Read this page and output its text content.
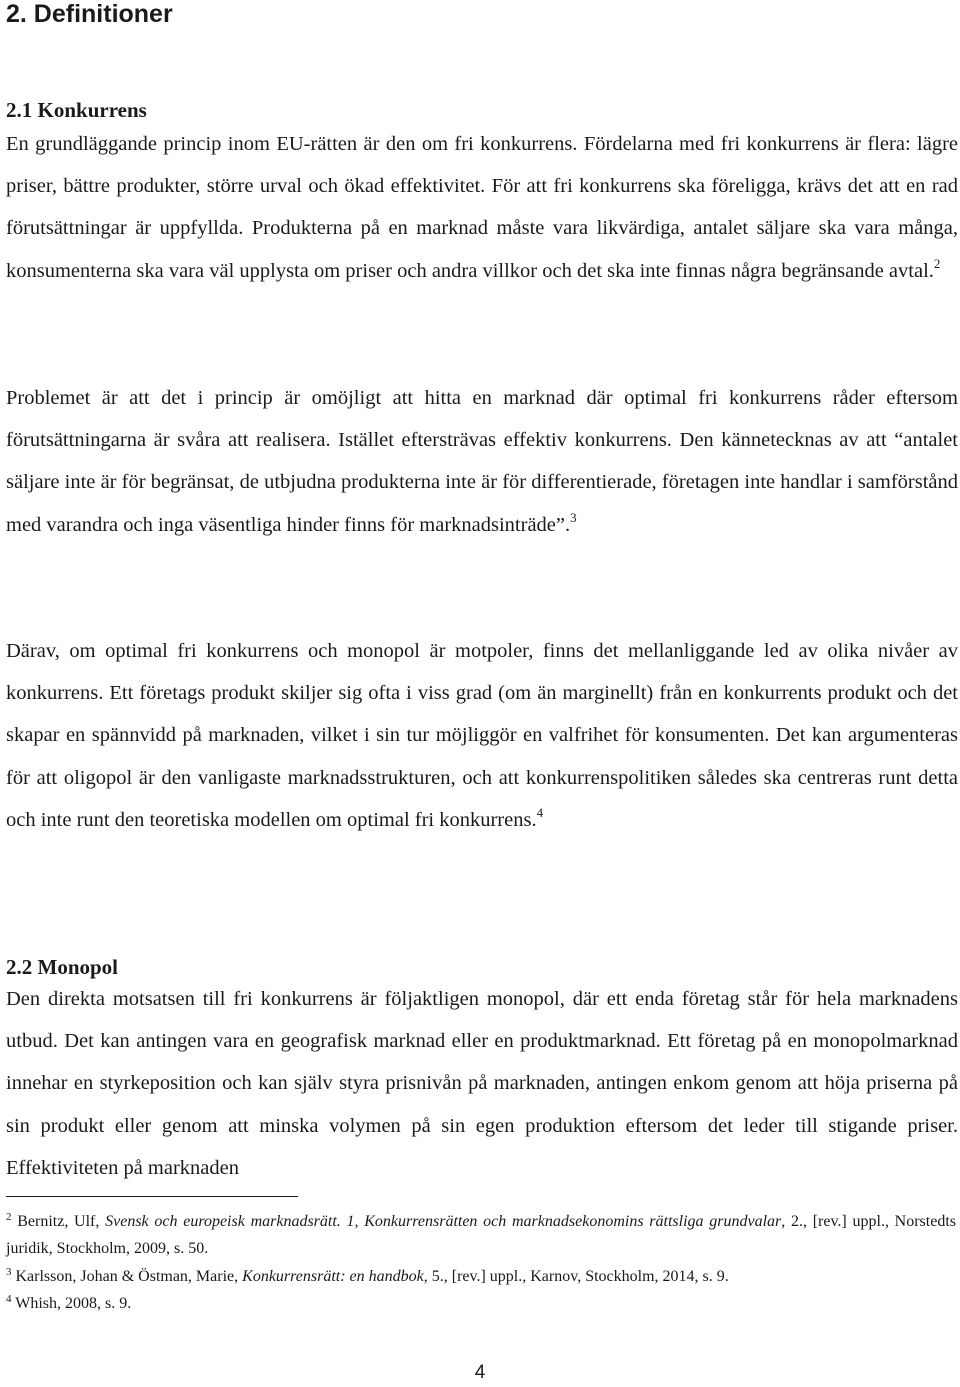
2. Definitioner
2.1 Konkurrens

En grundläggande princip inom EU-rätten är den om fri konkurrens. Fördelarna med fri konkurrens är flera: lägre priser, bättre produkter, större urval och ökad effektivitet. För att fri konkurrens ska föreligga, krävs det att en rad förutsättningar är uppfyllda. Produkterna på en marknad måste vara likvärdiga, antalet säljare ska vara många, konsumenterna ska vara väl upplysta om priser och andra villkor och det ska inte finnas några begränsande avtal.$^2$

Problemet är att det i princip är omöjligt att hitta en marknad där optimal fri konkurrens råder eftersom förutsättningarna är svåra att realisera. Istället eftersträvas effektiv konkurrens. Den kännetecknas av att “antalet säljare inte är för begränsat, de utbjudna produkterna inte är för differentierade, företagen inte handlar i samförstånd med varandra och inga väsentliga hinder finns för marknadsinträde”.$^3$

Därav, om optimal fri konkurrens och monopol är motpoler, finns det mellanliggande led av olika nivåer av konkurrens. Ett företags produkt skiljer sig ofta i viss grad (om än marginellt) från en konkurrents produkt och det skapar en spännvidd på marknaden, vilket i sin tur möjliggör en valfrihet för konsumenten. Det kan argumenteras för att oligopol är den vanligaste marknadsstrukturen, och att konkurrenspolitiken således ska centreras runt detta och inte runt den teoretiska modellen om optimal fri konkurrens.$^4$

2.2 Monopol

Den direkta motsatsen till fri konkurrens är följaktligen monopol, där ett enda företag står för hela marknadens utbud. Det kan antingen vara en geografisk marknad eller en produktmarknad. Ett företag på en monopolmarknad innehar en styrkeposition och kan själv styra prisnivån på marknaden, antingen enkom genom att höja priserna på sin produkt eller genom att minska volymen på sin egen produktion eftersom det leder till stigande priser. Effektiviteten på marknaden

$^2$ Bernitz, Ulf, Svensk och europeisk marknadsrätt. 1, Konkurrensrätten och marknadsekonomins rättsliga grundvalar, 2., [rev.] uppl., Norstedts juridik, Stockholm, 2009, s. 50.

$^3$ Karlsson, Johan & Östman, Marie, Konkurrensrätt: en handbok, 5., [rev.] uppl., Karnov, Stockholm, 2014, s. 9.

$^4$ Whish, 2008, s. 9.

4
